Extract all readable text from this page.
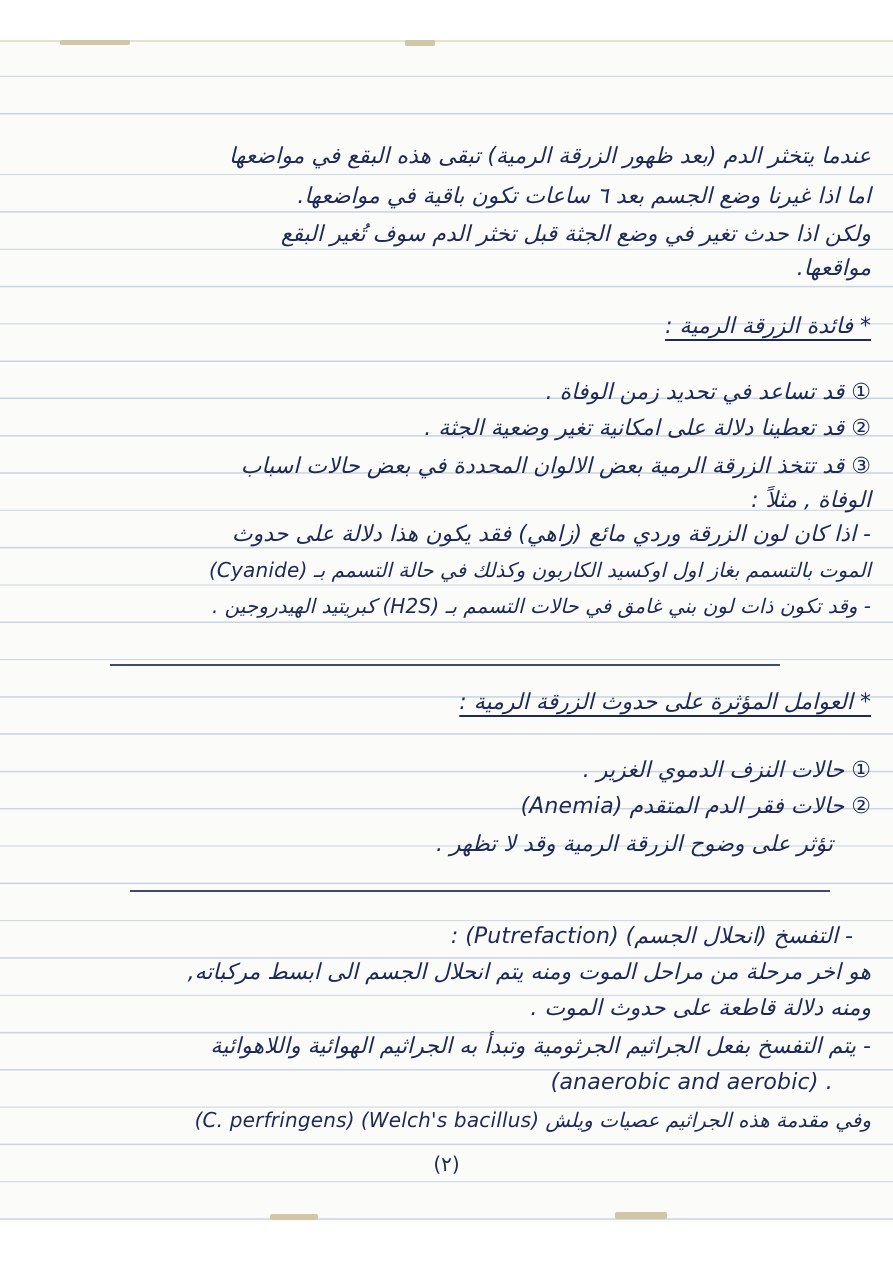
عندما يتخثر الدم (بعد ظهور الزرقة الرمية) تبقى هذه البقع في مواضعها
اما اذا غيرنا وضع الجسم بعد ٦ ساعات تكون باقية في مواضعها.
ولكن اذا حدث تغير في وضع الجثة قبل تخثر الدم سوف تُغير البقع
مواقعها.
* فائدة الزرقة الرمية :
① قد تساعد في تحديد زمن الوفاة .
② قد تعطينا دلالة على امكانية تغير وضعية الجثة .
③ قد تتخذ الزرقة الرمية بعض الالوان المحددة في بعض حالات اسباب
الوفاة , مثلاً :
- اذا كان لون الزرقة وردي مائع (زاهي) فقد يكون هذا دلالة على حدوث
الموت بالتسمم بغاز اول اوكسيد الكاربون وكذلك في حالة التسمم بـ (Cyanide)
- وقد تكون ذات لون بني غامق في حالات التسمم بـ (H2S) كبريتيد الهيدروجين .
* العوامل المؤثرة على حدوث الزرقة الرمية :
① حالات النزف الدموي الغزير .
② حالات فقر الدم المتقدم (Anemia)
تؤثر على وضوح الزرقة الرمية وقد لا تظهر .
- التفسخ (انحلال الجسم) (Putrefaction) :
هو اخر مرحلة من مراحل الموت ومنه يتم انحلال الجسم الى ابسط مركباته,
ومنه دلالة قاطعة على حدوث الموت .
- يتم التفسخ بفعل الجراثيم الجرثومية وتبدأ به الجراثيم الهوائية واللاهوائية
(anaerobic and aerobic) .
وفي مقدمة هذه الجراثيم عصيات ويلش (Welch's bacillus) (C. perfringens)
(٢)
